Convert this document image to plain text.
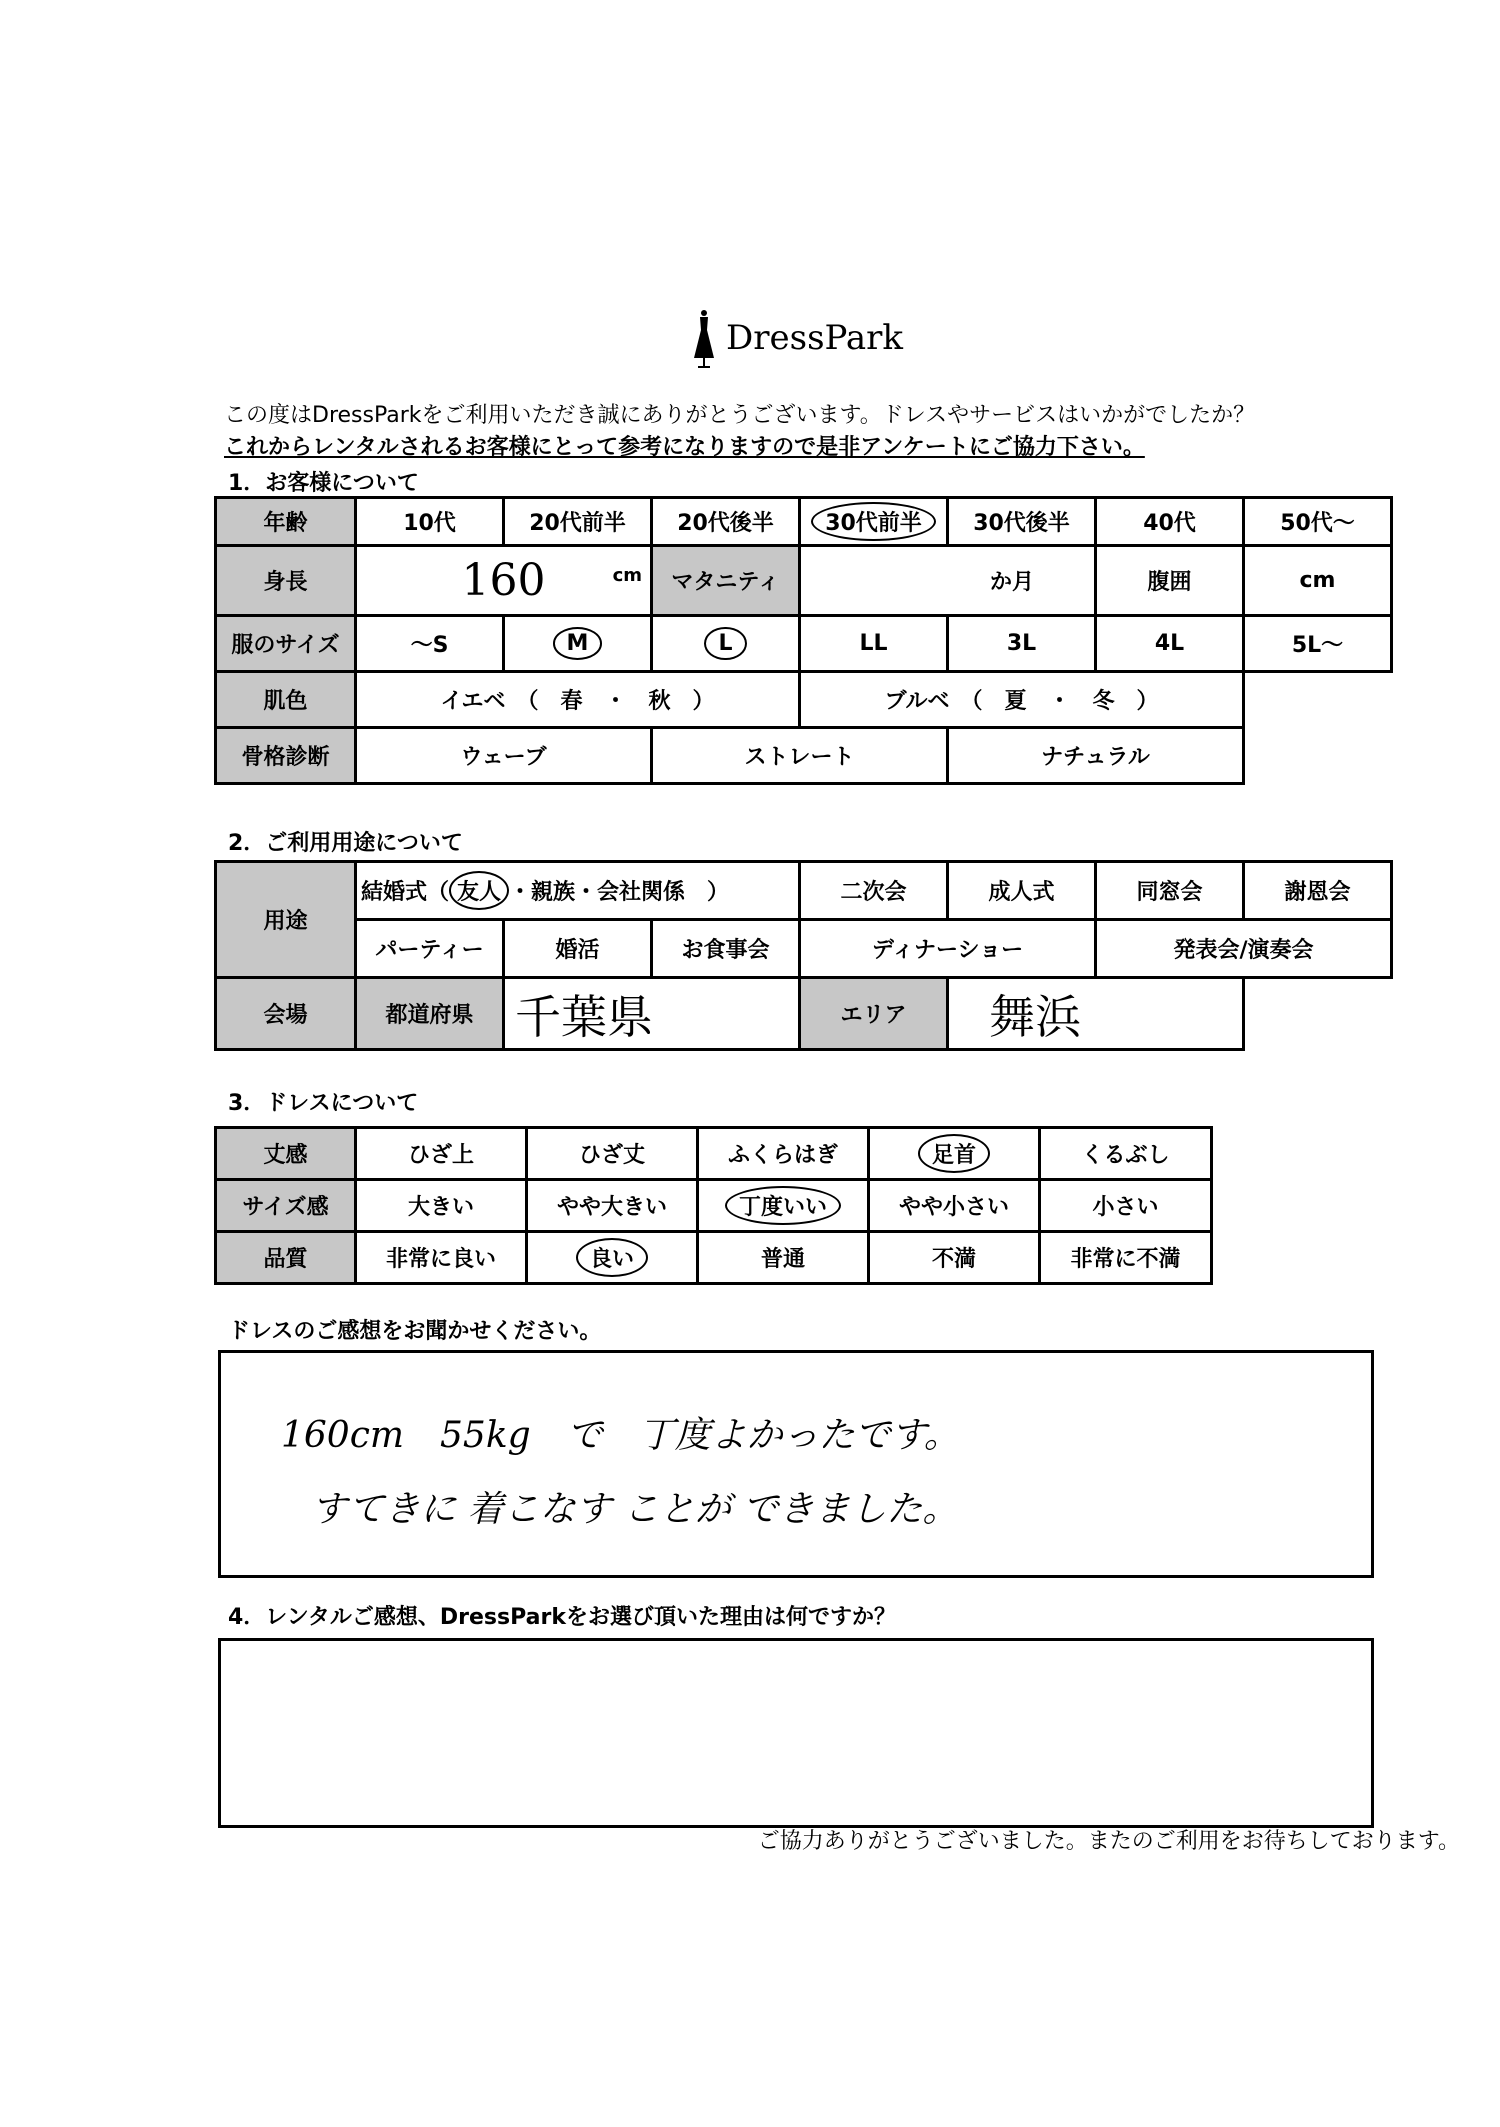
DressPark
この度はDressParkをご利用いただき誠にありがとうございます。ドレスやサービスはいかがでしたか？
これからレンタルされるお客様にとって参考になりますので是非アンケートにご協力下さい。
1．お客様について
年齢	10代	20代前半	20代後半	30代前半	30代後半	40代	50代～
身長	160 cm		マタニティ	か月		腹囲	cm
服のサイズ	～S	M	L	LL	3L	4L	5L～
肌色	イエベ　（　春　・　秋　）			ブルベ　（　夏　・　冬　）			
骨格診断	ウェーブ		ストレート		ナチュラル		
2．ご利用用途について
用途	結婚式（ 友人 ・親族・会社関係　）			二次会	成人式	同窓会	謝恩会
	パーティー	婚活	お食事会	ディナーショー		発表会/演奏会	
会場	都道府県	千葉県		エリア	舞浜		
3．ドレスについて
丈感	ひざ上	ひざ丈	ふくらはぎ	足首	くるぶし
サイズ感	大きい	やや大きい	丁度いい	やや小さい	小さい
品質	非常に良い	良い	普通	不満	非常に不満
ドレスのご感想をお聞かせください。
160cm　55kg　で　丁度よかったです。
すてきに 着こなす ことが できました。
4．レンタルご感想、DressParkをお選び頂いた理由は何ですか？
ご協力ありがとうございました。またのご利用をお待ちしております。
